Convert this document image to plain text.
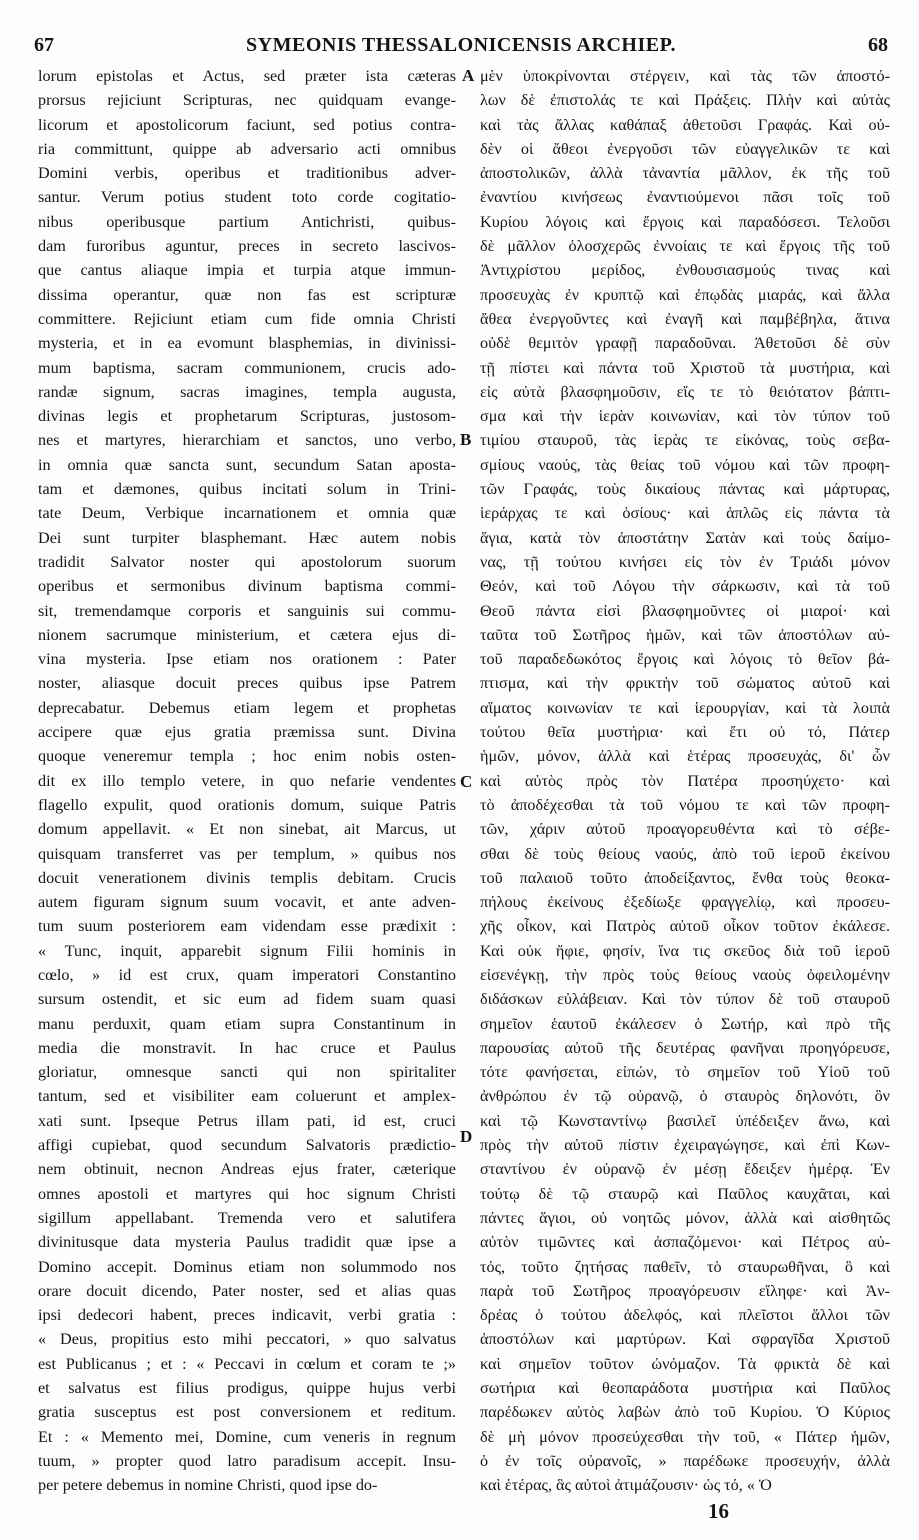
67	SYMEONIS THESSALONICENSIS ARCHIEP.	68
lorum epistolas et Actus, sed præter ista cæteras
prorsus rejiciunt Scripturas, nec quidquam evange-
licorum et apostolicorum faciunt, sed potius contra-
ria committunt, quippe ab adversario acti omnibus
Domini verbis, operibus et traditionibus adver-
santur. Verum potius student toto corde cogitatio-
nibus operibusque partium Antichristi, quibus-
dam furoribus aguntur, preces in secreto lascivos-
que cantus aliaque impia et turpia atque immun-
dissima operantur, quæ non fas est scripturæ
committere. Rejiciunt etiam cum fide omnia Christi
mysteria, et in ea evomunt blasphemias, in divinissi-
mum baptisma, sacram communionem, crucis ado-
randæ signum, sacras imagines, templa augusta,
divinas legis et prophetarum Scripturas, justosom-
nes et martyres, hierarchiam et sanctos, uno verbo,
in omnia quæ sancta sunt, secundum Satan aposta-
tam et dæmones, quibus incitati solum in Trini-
tate Deum, Verbique incarnationem et omnia quæ
Dei sunt turpiter blasphemant. Hæc autem nobis
tradidit Salvator noster qui apostolorum suorum
operibus et sermonibus divinum baptisma commi-
sit, tremendamque corporis et sanguinis sui commu-
nionem sacrumque ministerium, et cætera ejus di-
vina mysteria. Ipse etiam nos orationem : Pater
noster, aliasque docuit preces quibus ipse Patrem
deprecabatur. Debemus etiam legem et prophetas
accipere quæ ejus gratia præmissa sunt. Divina
quoque veneremur templa ; hoc enim nobis osten-
dit ex illo templo vetere, in quo nefarie vendentes
flagello expulit, quod orationis domum, suique Patris
domum appellavit. « Et non sinebat, ait Marcus, ut
quisquam transferret vas per templum, » quibus nos
docuit venerationem divinis templis debitam. Crucis
autem figuram signum suum vocavit, et ante adven-
tum suum posteriorem eam videndam esse prædixit :
« Tunc, inquit, apparebit signum Filii hominis in
cœlo, » id est crux, quam imperatori Constantino
sursum ostendit, et sic eum ad fidem suam quasi
manu perduxit, quam etiam supra Constantinum in
media die monstravit. In hac cruce et Paulus
gloriatur, omnesque sancti qui non spiritaliter
tantum, sed et visibiliter eam coluerunt et amplex-
xati sunt. Ipseque Petrus illam pati, id est, cruci
affigi cupiebat, quod secundum Salvatoris prædictio-
nem obtinuit, necnon Andreas ejus frater, cæterique
omnes apostoli et martyres qui hoc signum Christi
sigillum appellabant. Tremenda vero et salutifera
divinitusque data mysteria Paulus tradidit quæ ipse a
Domino accepit. Dominus etiam non solummodo nos
orare docuit dicendo, Pater noster, sed et alias quas
ipsi dedecori habent, preces indicavit, verbi gratia :
« Deus, propitius esto mihi peccatori, » quo salvatus
est Publicanus ; et : « Peccavi in cœlum et coram te ;»
et salvatus est filius prodigus, quippe hujus verbi
gratia susceptus est post conversionem et reditum.
Et : « Memento mei, Domine, cum veneris in regnum
tuum, » propter quod latro paradisum accepit. Insu-
per petere debemus in nomine Christi, quod ipse do-
μὲν ὑποκρίνονται στέργειν, καὶ τὰς τῶν ἀποστό-
λων δὲ ἐπιστολάς τε καὶ Πράξεις. Πλὴν καὶ αὐτὰς
καὶ τὰς ἄλλας καθάπαξ ἀθετοῦσι Γραφάς. Καὶ οὐ-
δὲν οἱ ἄθεοι ἐνεργοῦσι τῶν εὐαγγελικῶν τε καὶ
ἀποστολικῶν, ἀλλὰ τἀναντία μᾶλλον, ἐκ τῆς τοῦ
ἐναντίου κινήσεως ἐναντιούμενοι πᾶσι τοῖς τοῦ
Κυρίου λόγοις καὶ ἔργοις καὶ παραδόσεσι. Τελοῦσι
δὲ μᾶλλον ὁλοσχερῶς ἐννοίαις τε καὶ ἔργοις τῆς τοῦ
Ἀντιχρίστου μερίδος, ἐνθουσιασμούς τινας καὶ
προσευχὰς ἐν κρυπτῷ καὶ ἐπῳδὰς μιαράς, καὶ ἄλλα
ἄθεα ἐνεργοῦντες καὶ ἐναγῆ καὶ παμβέβηλα, ἅτινα
οὐδὲ θεμιτὸν γραφῇ παραδοῦναι. Ἀθετοῦσι δὲ σὺν
τῇ πίστει καὶ πάντα τοῦ Χριστοῦ τὰ μυστήρια, καὶ
εἰς αὐτὰ βλασφημοῦσιν, εἴς τε τὸ θειότατον βάπτι-
σμα καὶ τὴν ἱερὰν κοινωνίαν, καὶ τὸν τύπον τοῦ
τιμίου σταυροῦ, τὰς ἱερὰς τε εἰκόνας, τοὺς σεβα-
σμίους ναούς, τὰς θείας τοῦ νόμου καὶ τῶν προφη-
τῶν Γραφάς, τοὺς δικαίους πάντας καὶ μάρτυρας,
ἱεράρχας τε καὶ ὁσίους· καὶ ἁπλῶς εἰς πάντα τὰ
ἅγια, κατὰ τὸν ἀποστάτην Σατὰν καὶ τοὺς δαίμο-
νας, τῇ τούτου κινήσει εἰς τὸν ἐν Τριάδι μόνον
Θεόν, καὶ τοῦ Λόγου τὴν σάρκωσιν, καὶ τὰ τοῦ
Θεοῦ πάντα εἰσὶ βλασφημοῦντες οἱ μιαροί· καὶ
ταῦτα τοῦ Σωτῆρος ἡμῶν, καὶ τῶν ἀποστόλων αὐ-
τοῦ παραδεδωκότος ἔργοις καὶ λόγοις τὸ θεῖον βά-
πτισμα, καὶ τὴν φρικτὴν τοῦ σώματος αὐτοῦ καὶ
αἵματος κοινωνίαν τε καὶ ἱερουργίαν, καὶ τὰ λοιπὰ
τούτου θεῖα μυστήρια· καὶ ἔτι οὐ τό, Πάτερ
ἡμῶν, μόνον, ἀλλὰ καὶ ἑτέρας προσευχάς, δι' ὧν
καὶ αὐτὸς πρὸς τὸν Πατέρα προσηύχετο· καὶ
τὸ ἀποδέχεσθαι τὰ τοῦ νόμου τε καὶ τῶν προφη-
τῶν, χάριν αὐτοῦ προαγορευθέντα καὶ τὸ σέβε-
σθαι δὲ τοὺς θείους ναούς, ἀπὸ τοῦ ἱεροῦ ἐκείνου
τοῦ παλαιοῦ τοῦτο ἀποδείξαντος, ἔνθα τοὺς θεοκα-
πήλους ἐκείνους ἐξεδίωξε φραγγελίῳ, καὶ προσευ-
χῆς οἶκον, καὶ Πατρὸς αὐτοῦ οἶκον τοῦτον ἐκάλεσε.
Καὶ οὐκ ἤφιε, φησίν, ἵνα τις σκεῦος διὰ τοῦ ἱεροῦ
εἰσενέγκῃ, τὴν πρὸς τοὺς θείους ναοὺς ὀφειλομένην
διδάσκων εὐλάβειαν. Καὶ τὸν τύπον δὲ τοῦ σταυροῦ
σημεῖον ἑαυτοῦ ἐκάλεσεν ὁ Σωτήρ, καὶ πρὸ τῆς
παρουσίας αὐτοῦ τῆς δευτέρας φανῆναι προηγόρευσε,
τότε φανήσεται, εἰπών, τὸ σημεῖον τοῦ Υἱοῦ τοῦ
ἀνθρώπου ἐν τῷ οὐρανῷ, ὁ σταυρὸς δηλονότι, ὃν
καὶ τῷ Κωνσταντίνῳ βασιλεῖ ὑπέδειξεν ἄνω, καὶ
πρὸς τὴν αὐτοῦ πίστιν ἐχειραγώγησε, καὶ ἐπὶ Κων-
σταντίνου ἐν οὐρανῷ ἐν μέσῃ ἔδειξεν ἡμέρᾳ. Ἐν
τούτῳ δὲ τῷ σταυρῷ καὶ Παῦλος καυχᾶται, καὶ
πάντες ἅγιοι, οὐ νοητῶς μόνον, ἀλλὰ καὶ αἰσθητῶς
αὐτὸν τιμῶντες καὶ ἀσπαζόμενοι· καὶ Πέτρος αὐ-
τός, τοῦτο ζητήσας παθεῖν, τὸ σταυρωθῆναι, ὃ καὶ
παρὰ τοῦ Σωτῆρος προαγόρευσιν εἴληφε· καὶ Ἀν-
δρέας ὁ τούτου ἀδελφός, καὶ πλεῖστοι ἄλλοι τῶν
ἀποστόλων καὶ μαρτύρων. Καὶ σφραγῖδα Χριστοῦ
καὶ σημεῖον τοῦτον ὠνόμαζον. Τὰ φρικτὰ δὲ καὶ
σωτήρια καὶ θεοπαράδοτα μυστήρια καὶ Παῦλος
παρέδωκεν αὐτὸς λαβὼν ἀπὸ τοῦ Κυρίου. Ὁ Κύριος
δὲ μὴ μόνον προσεύχεσθαι τὴν τοῦ, « Πάτερ ἡμῶν,
ὁ ἐν τοῖς οὐρανοῖς, » παρέδωκε προσευχήν, ἀλλὰ
καὶ ἑτέρας, ἃς αὐτοὶ ἀτιμάζουσιν· ὡς τό, « Ὁ
A
B
C
D
16
